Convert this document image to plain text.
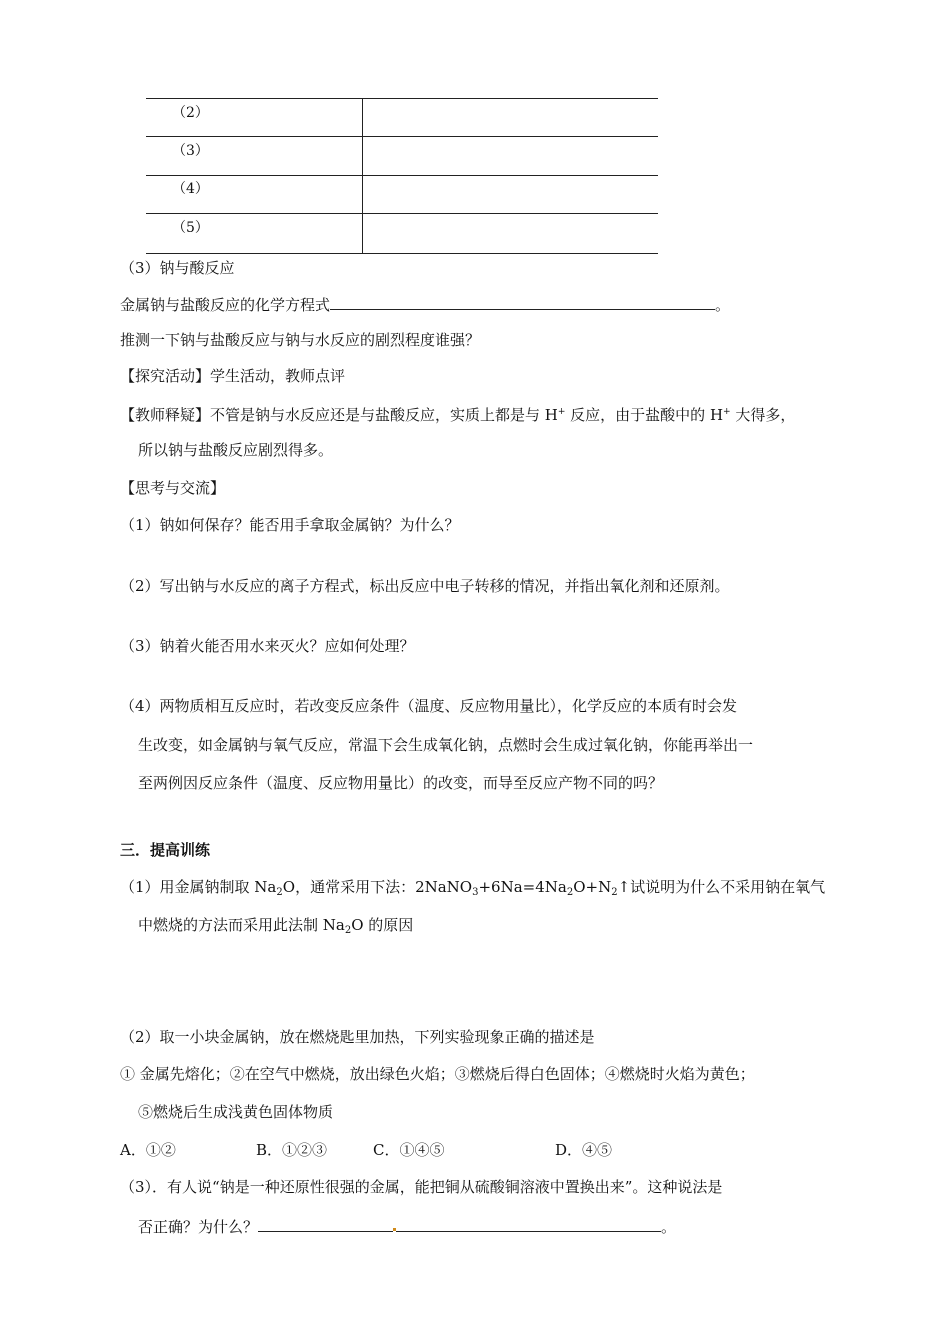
（2）
（3）
（4）
（5）
（3）钠与酸反应
金属钠与盐酸反应的化学方程式	。
推测一下钠与盐酸反应与钠与水反应的剧烈程度谁强？
【探究活动】学生活动，教师点评
【教师释疑】不管是钠与水反应还是与盐酸反应，实质上都是与 H+ 反应，由于盐酸中的 H+ 大得多，
所以钠与盐酸反应剧烈得多。
【思考与交流】
（1）钠如何保存？能否用手拿取金属钠？为什么？
（2）写出钠与水反应的离子方程式，标出反应中电子转移的情况，并指出氧化剂和还原剂。
（3）钠着火能否用水来灭火？应如何处理？
（4）两物质相互反应时，若改变反应条件（温度、反应物用量比），化学反应的本质有时会发
生改变，如金属钠与氧气反应，常温下会生成氧化钠，点燃时会生成过氧化钠，你能再举出一
至两例因反应条件（温度、反应物用量比）的改变，而导至反应产物不同的吗？
三．提高训练
（1）用金属钠制取 $Na_2O$，通常采用下法：$2NaNO_3+6Na=4Na_2O+N_2↑$试说明为什么不采用钠在氧气
中燃烧的方法而采用此法制 $Na_2O$ 的原因
（2）取一小块金属钠，放在燃烧匙里加热，下列实验现象正确的描述是
① 金属先熔化；②在空气中燃烧，放出绿色火焰；③燃烧后得白色固体；④燃烧时火焰为黄色；
⑤燃烧后生成浅黄色固体物质
A．①②	B．①②③	C．①④⑤	D．④⑤
（3）．有人说“钠是一种还原性很强的金属，能把铜从硫酸铜溶液中置换出来”。这种说法是
否正确？为什么？	。
